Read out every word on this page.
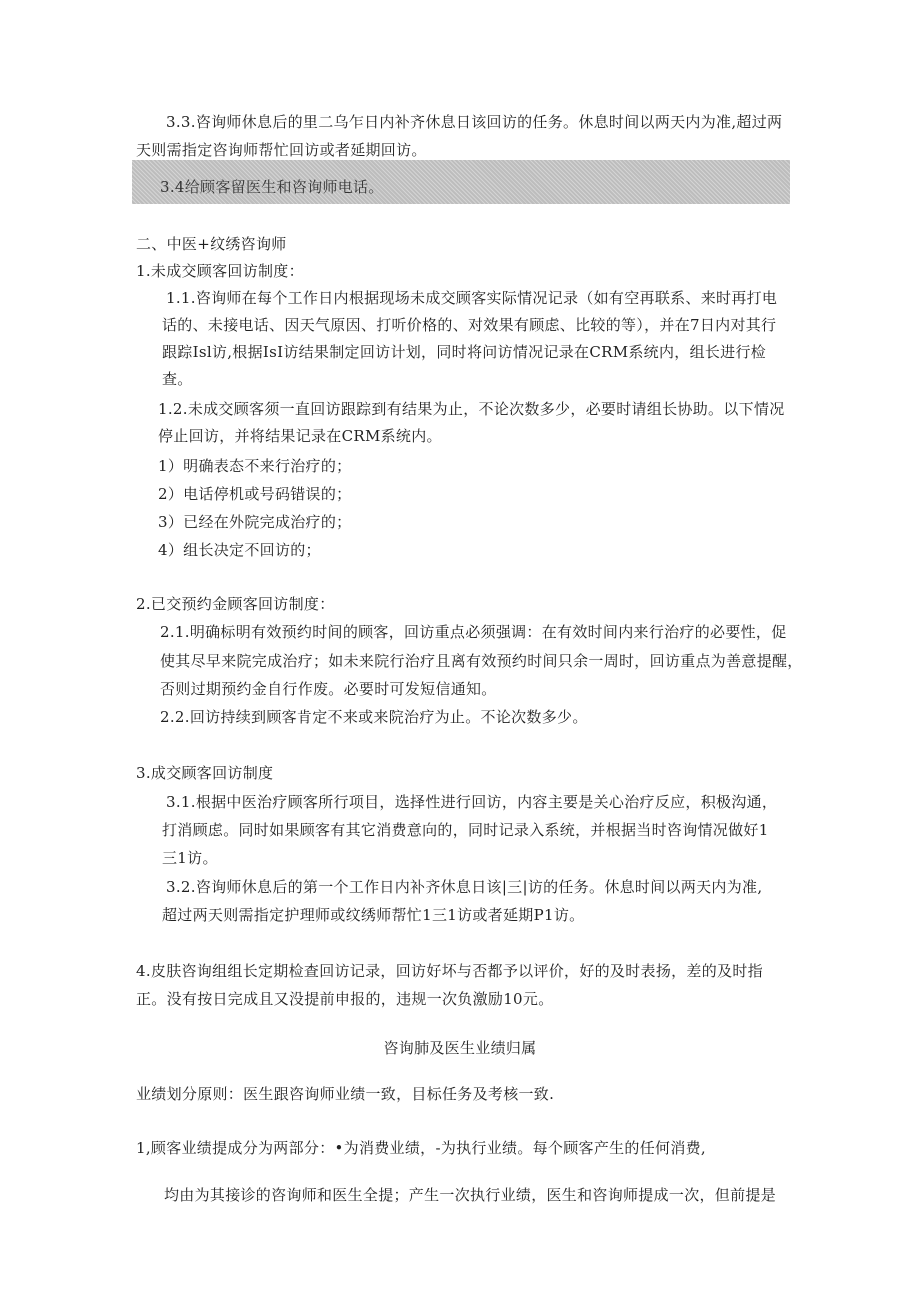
3.3.咨询师休息后的里二乌乍日内补齐休息日该回访的任务。休息时间以两天内为准,超过两
天则需指定咨询师帮忙回访或者延期回访。
3.4给顾客留医生和咨询师电话。
二、中医+纹绣咨询师
1.未成交顾客回访制度：
1.1.咨询师在每个工作日内根据现场未成交顾客实际情况记录（如有空再联系、来时再打电
话的、未接电话、因天气原因、打听价格的、对效果有顾虑、比较的等），并在7日内对其行
跟踪Isl访,根据IsI访结果制定回访计划，同时将问访情况记录在CRM系统内，组长进行检
查。
1.2.未成交顾客须一直回访跟踪到有结果为止，不论次数多少，必要时请组长协助。以下情况
停止回访，并将结果记录在CRM系统内。
1）明确表态不来行治疗的；
2）电话停机或号码错误的；
3）已经在外院完成治疗的；
4）组长决定不回访的；
2.已交预约金顾客回访制度：
2.1.明确标明有效预约时间的顾客，回访重点必须强调：在有效时间内来行治疗的必要性，促
使其尽早来院完成治疗；如未来院行治疗且离有效预约时间只余一周时，回访重点为善意提醒，
否则过期预约金自行作废。必要时可发短信通知。
2.2.回访持续到顾客肯定不来或来院治疗为止。不论次数多少。
3.成交顾客回访制度
3.1.根据中医治疗顾客所行项目，选择性进行回访，内容主要是关心治疗反应，积极沟通，
打消顾虑。同时如果顾客有其它消费意向的，同时记录入系统，并根据当时咨询情况做好1
三1访。
3.2.咨询师休息后的第一个工作日内补齐休息日该|三|访的任务。休息时间以两天内为准,
超过两天则需指定护理师或纹绣师帮忙1三1访或者延期P1访。
4.皮肤咨询组组长定期检查回访记录，回访好坏与否都予以评价，好的及时表扬，差的及时指
正。没有按日完成且又没提前申报的，违规一次负激励10元。
咨询肺及医生业绩归属
业绩划分原则：医生跟咨询师业绩一致，目标任务及考核一致.
1,顾客业绩提成分为两部分：•为消费业绩，-为执行业绩。每个顾客产生的任何消费,
均由为其接诊的咨询师和医生全提；产生一次执行业绩，医生和咨询师提成一次，但前提是
